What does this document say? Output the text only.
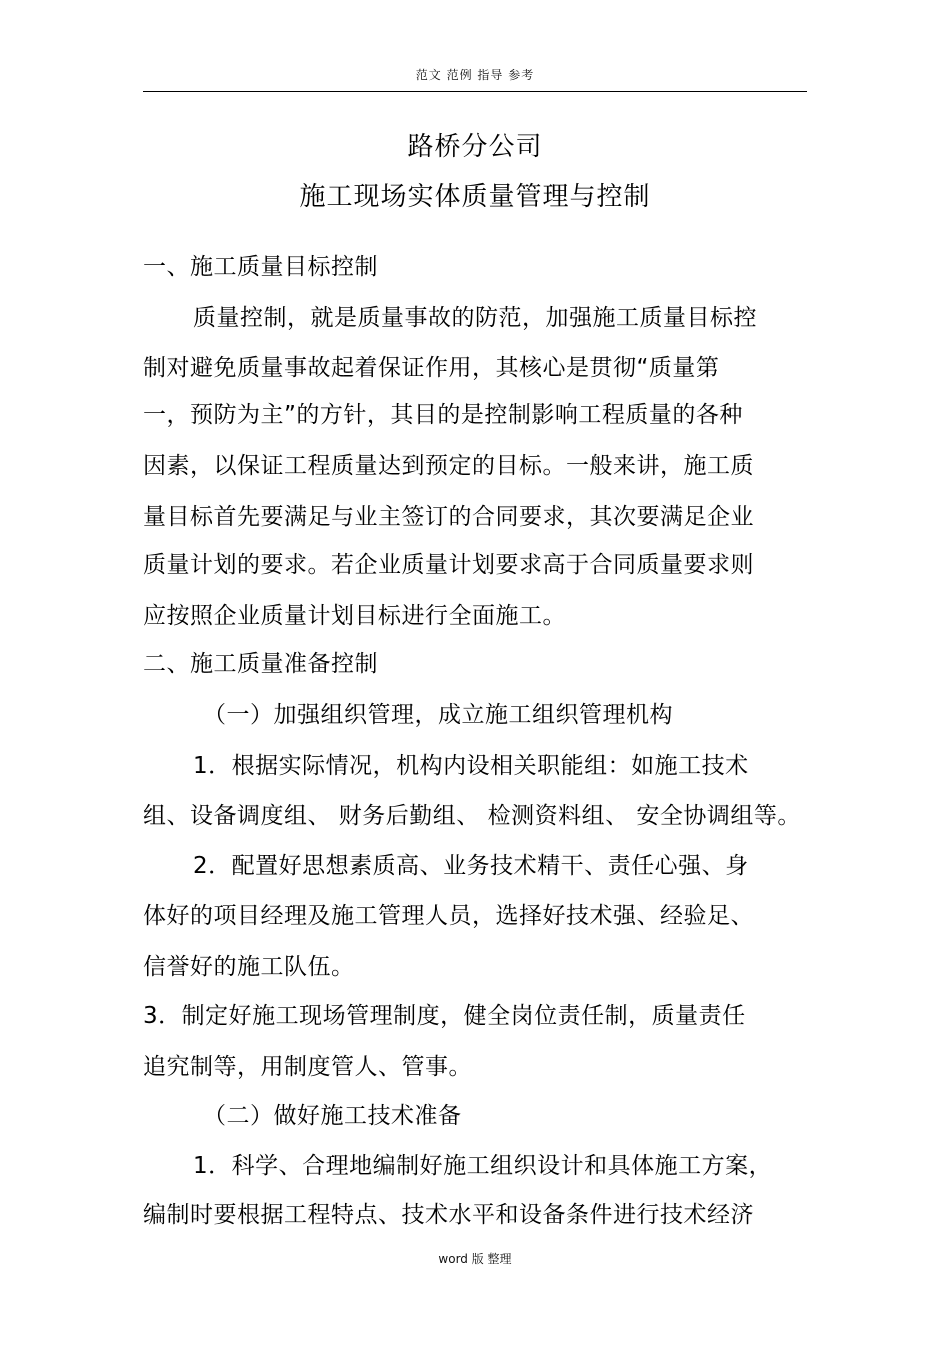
范文 范例 指导 参考
路桥分公司
施工现场实体质量管理与控制
一、施工质量目标控制
质量控制，就是质量事故的防范，加强施工质量目标控
制对避免质量事故起着保证作用，其核心是贯彻“质量第
一，预防为主”的方针，其目的是控制影响工程质量的各种
因素，以保证工程质量达到预定的目标。一般来讲，施工质
量目标首先要满足与业主签订的合同要求，其次要满足企业
质量计划的要求。若企业质量计划要求高于合同质量要求则
应按照企业质量计划目标进行全面施工。
二、施工质量准备控制
（一）加强组织管理，成立施工组织管理机构
1．根据实际情况，机构内设相关职能组：如施工技术
组、设备调度组、 财务后勤组、 检测资料组、 安全协调组等。
2．配置好思想素质高、业务技术精干、责任心强、身
体好的项目经理及施工管理人员，选择好技术强、经验足、
信誉好的施工队伍。
3．制定好施工现场管理制度，健全岗位责任制，质量责任
追究制等，用制度管人、管事。
（二）做好施工技术准备
1．科学、合理地编制好施工组织设计和具体施工方案，
编制时要根据工程特点、技术水平和设备条件进行技术经济
word 版 整理
